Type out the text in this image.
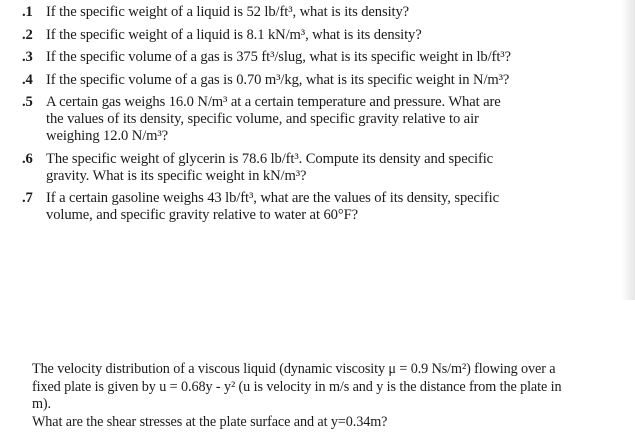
.1 If the specific weight of a liquid is 52 lb/ft³, what is its density?
.2 If the specific weight of a liquid is 8.1 kN/m³, what is its density?
.3 If the specific volume of a gas is 375 ft³/slug, what is its specific weight in lb/ft³?
.4 If the specific volume of a gas is 0.70 m³/kg, what is its specific weight in N/m³?
.5 A certain gas weighs 16.0 N/m³ at a certain temperature and pressure. What are
the values of its density, specific volume, and specific gravity relative to air
weighing 12.0 N/m³?
.6 The specific weight of glycerin is 78.6 lb/ft³. Compute its density and specific
gravity. What is its specific weight in kN/m³?
.7 If a certain gasoline weighs 43 lb/ft³, what are the values of its density, specific
volume, and specific gravity relative to water at 60°F?

The velocity distribution of a viscous liquid (dynamic viscosity μ = 0.9 Ns/m²) flowing over a

fixed plate is given by u = 0.68y - y² (u is velocity in m/s and y is the distance from the plate in

m).

What are the shear stresses at the plate surface and at y=0.34m?
